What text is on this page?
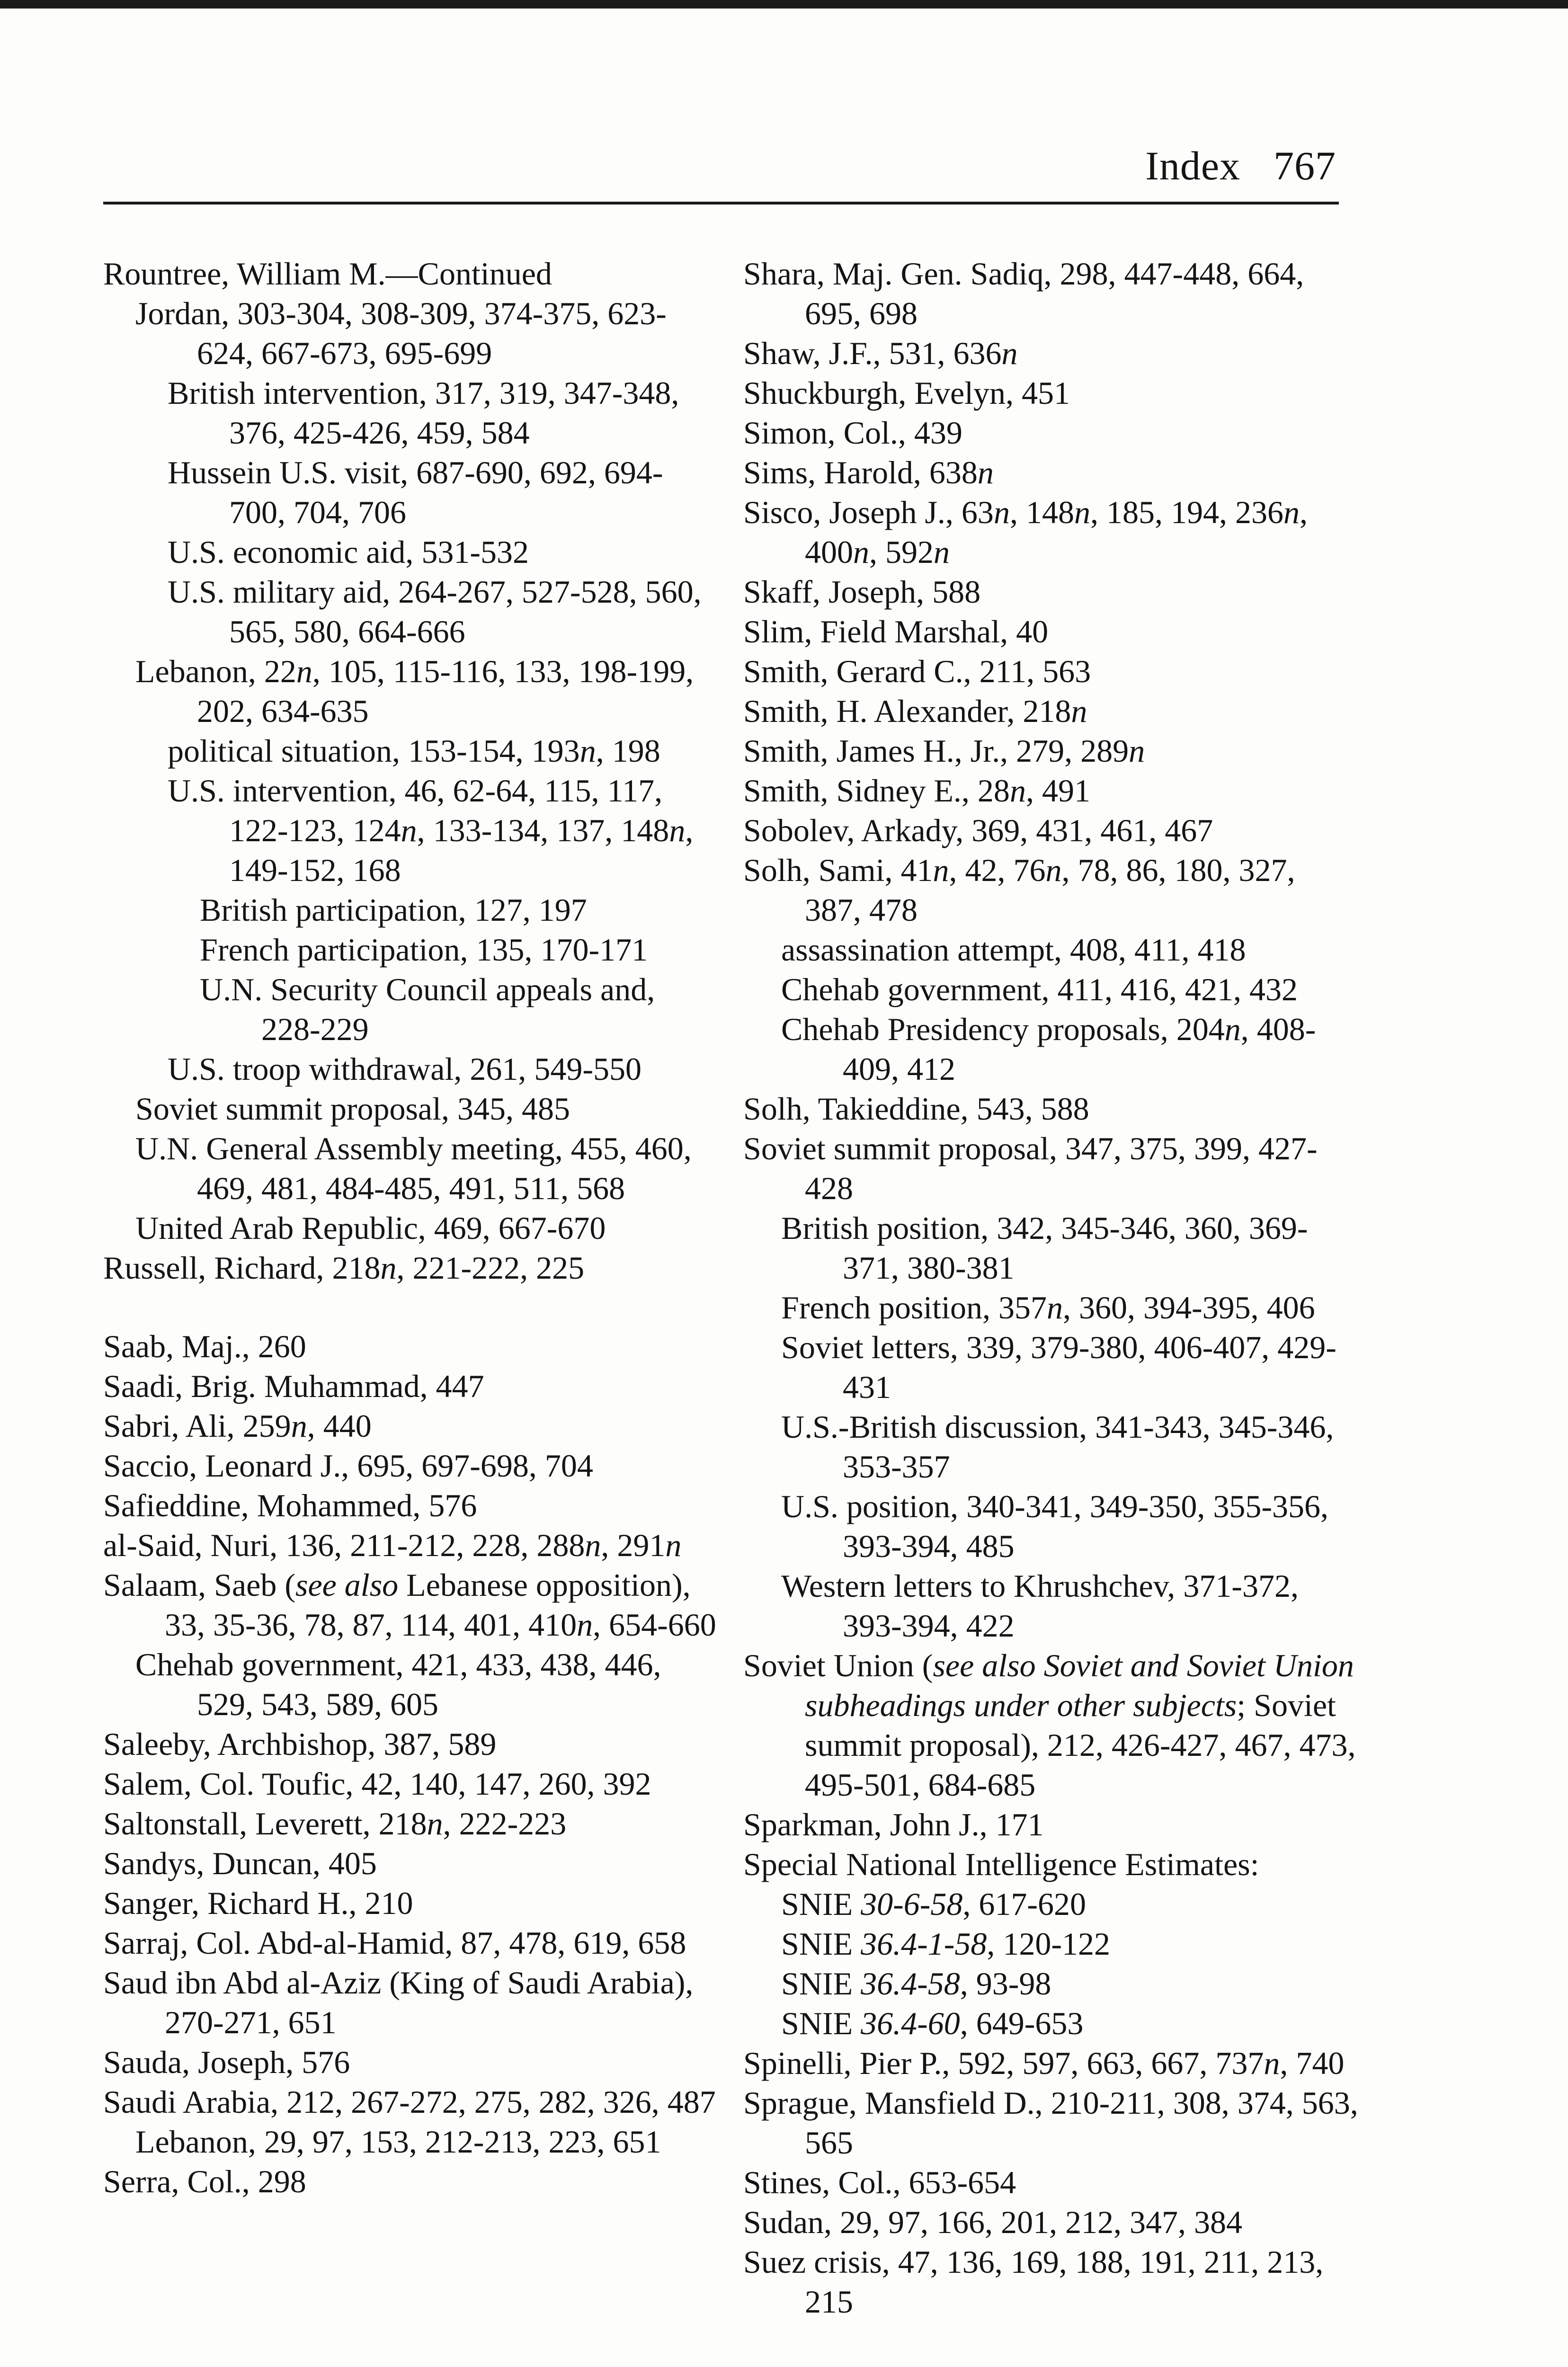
Index 767
Rountree, William M.—Continued
Jordan, 303-304, 308-309, 374-375, 623-624, 667-673, 695-699
British intervention, 317, 319, 347-348, 376, 425-426, 459, 584
Hussein U.S. visit, 687-690, 692, 694-700, 704, 706
U.S. economic aid, 531-532
U.S. military aid, 264-267, 527-528, 560, 565, 580, 664-666
Lebanon, 22n, 105, 115-116, 133, 198-199, 202, 634-635
political situation, 153-154, 193n, 198
U.S. intervention, 46, 62-64, 115, 117, 122-123, 124n, 133-134, 137, 148n, 149-152, 168
British participation, 127, 197
French participation, 135, 170-171
U.N. Security Council appeals and, 228-229
U.S. troop withdrawal, 261, 549-550
Soviet summit proposal, 345, 485
U.N. General Assembly meeting, 455, 460, 469, 481, 484-485, 491, 511, 568
United Arab Republic, 469, 667-670
Russell, Richard, 218n, 221-222, 225
Saab, Maj., 260
Saadi, Brig. Muhammad, 447
Sabri, Ali, 259n, 440
Saccio, Leonard J., 695, 697-698, 704
Safieddine, Mohammed, 576
al-Said, Nuri, 136, 211-212, 228, 288n, 291n
Salaam, Saeb (see also Lebanese opposition), 33, 35-36, 78, 87, 114, 401, 410n, 654-660
Chehab government, 421, 433, 438, 446, 529, 543, 589, 605
Saleeby, Archbishop, 387, 589
Salem, Col. Toufic, 42, 140, 147, 260, 392
Saltonstall, Leverett, 218n, 222-223
Sandys, Duncan, 405
Sanger, Richard H., 210
Sarraj, Col. Abd-al-Hamid, 87, 478, 619, 658
Saud ibn Abd al-Aziz (King of Saudi Arabia), 270-271, 651
Sauda, Joseph, 576
Saudi Arabia, 212, 267-272, 275, 282, 326, 487
Lebanon, 29, 97, 153, 212-213, 223, 651
Serra, Col., 298
Shara, Maj. Gen. Sadiq, 298, 447-448, 664, 695, 698
Shaw, J.F., 531, 636n
Shuckburgh, Evelyn, 451
Simon, Col., 439
Sims, Harold, 638n
Sisco, Joseph J., 63n, 148n, 185, 194, 236n, 400n, 592n
Skaff, Joseph, 588
Slim, Field Marshal, 40
Smith, Gerard C., 211, 563
Smith, H. Alexander, 218n
Smith, James H., Jr., 279, 289n
Smith, Sidney E., 28n, 491
Sobolev, Arkady, 369, 431, 461, 467
Solh, Sami, 41n, 42, 76n, 78, 86, 180, 327, 387, 478
assassination attempt, 408, 411, 418
Chehab government, 411, 416, 421, 432
Chehab Presidency proposals, 204n, 408-409, 412
Solh, Takieddine, 543, 588
Soviet summit proposal, 347, 375, 399, 427-428
British position, 342, 345-346, 360, 369-371, 380-381
French position, 357n, 360, 394-395, 406
Soviet letters, 339, 379-380, 406-407, 429-431
U.S.-British discussion, 341-343, 345-346, 353-357
U.S. position, 340-341, 349-350, 355-356, 393-394, 485
Western letters to Khrushchev, 371-372, 393-394, 422
Soviet Union (see also Soviet and Soviet Union subheadings under other subjects; Soviet summit proposal), 212, 426-427, 467, 473, 495-501, 684-685
Sparkman, John J., 171
Special National Intelligence Estimates:
SNIE 30-6-58, 617-620
SNIE 36.4-1-58, 120-122
SNIE 36.4-58, 93-98
SNIE 36.4-60, 649-653
Spinelli, Pier P., 592, 597, 663, 667, 737n, 740
Sprague, Mansfield D., 210-211, 308, 374, 563, 565
Stines, Col., 653-654
Sudan, 29, 97, 166, 201, 212, 347, 384
Suez crisis, 47, 136, 169, 188, 191, 211, 213, 215
